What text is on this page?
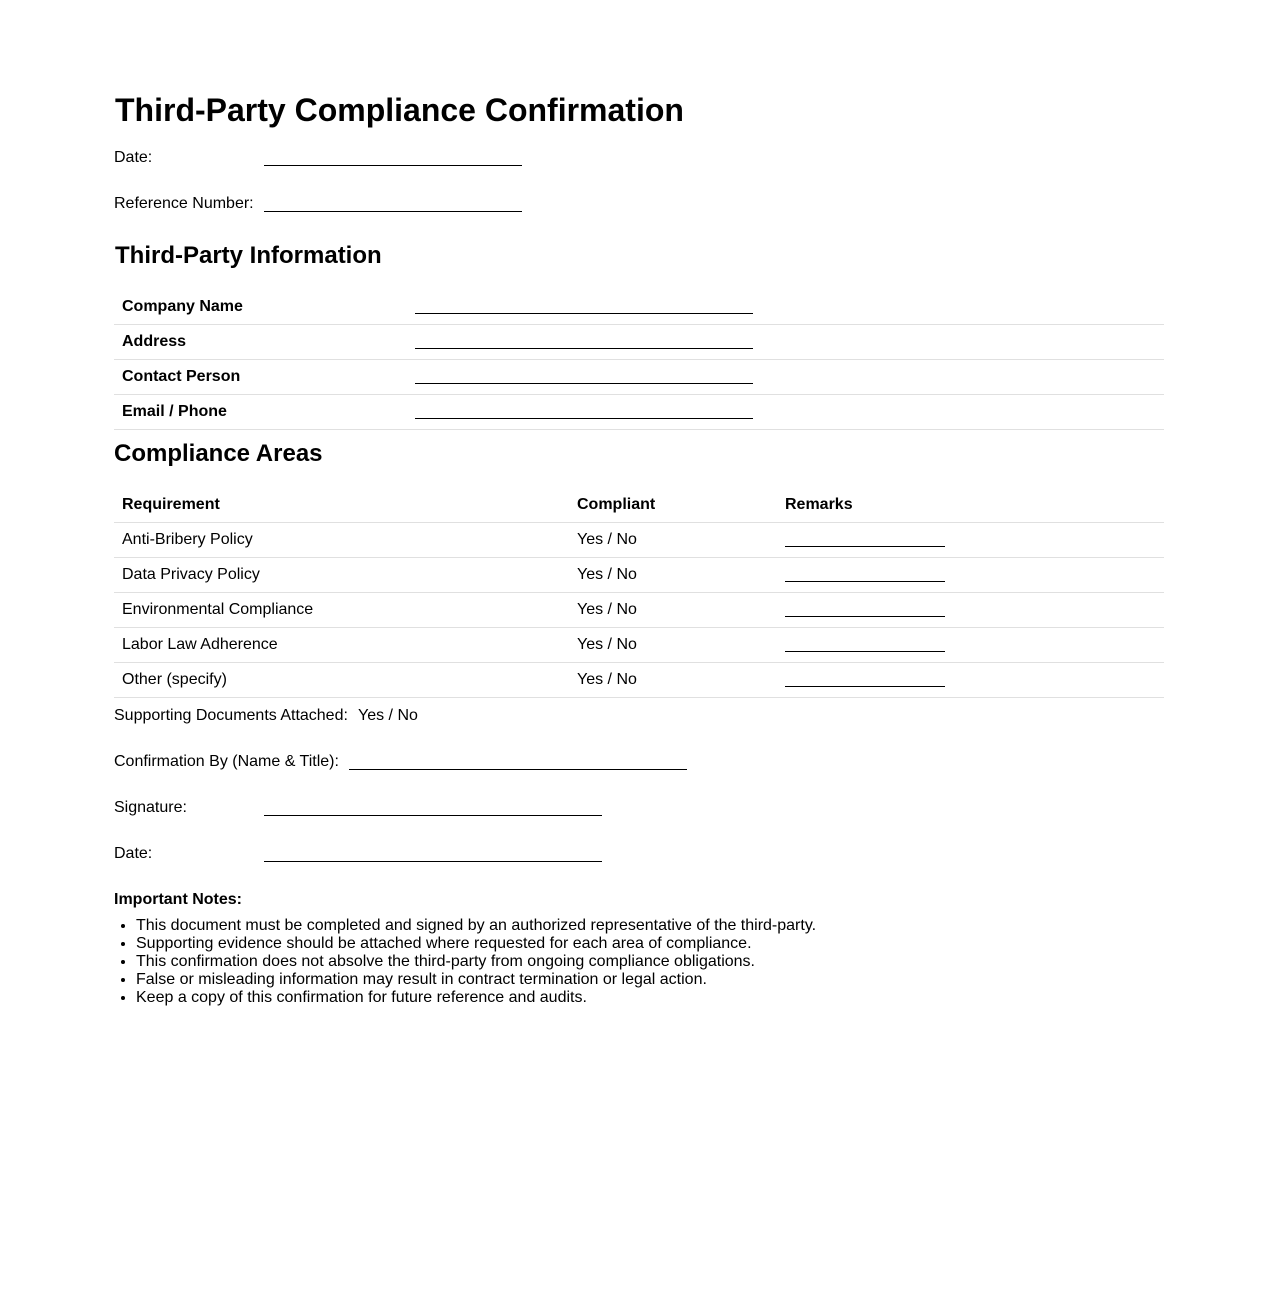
Third-Party Compliance Confirmation
Date:
Reference Number:
Third-Party Information
Company Name
Address
Contact Person
Email / Phone
Compliance Areas
Requirement	Compliant	Remarks
Anti-Bribery Policy	Yes / No
Data Privacy Policy	Yes / No
Environmental Compliance	Yes / No
Labor Law Adherence	Yes / No
Other (specify)	Yes / No
Supporting Documents Attached: Yes / No
Confirmation By (Name & Title):
Signature:
Date:
Important Notes:
• This document must be completed and signed by an authorized representative of the third-party.
• Supporting evidence should be attached where requested for each area of compliance.
• This confirmation does not absolve the third-party from ongoing compliance obligations.
• False or misleading information may result in contract termination or legal action.
• Keep a copy of this confirmation for future reference and audits.
